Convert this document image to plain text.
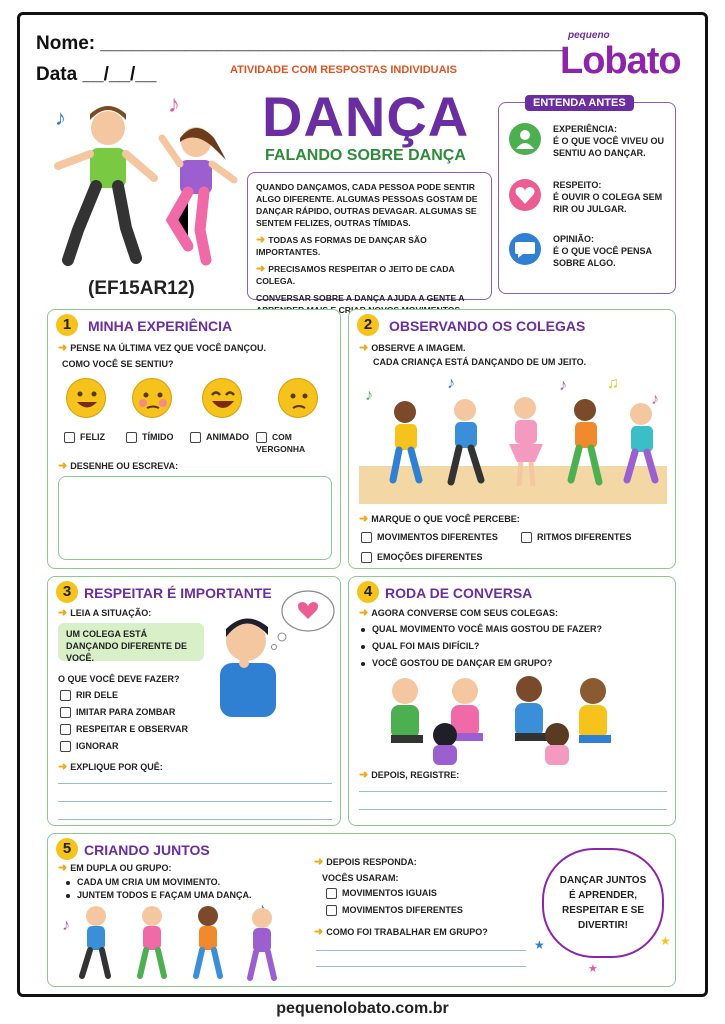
Nome: ____________________________________________
Data __/__/__	ATIVIDADE COM RESPOSTAS INDIVIDUAIS
pequeno
Lobato
DANÇA
FALANDO SOBRE DANÇA
♪	♪
(EF15AR12)
QUANDO DANÇAMOS, CADA PESSOA PODE SENTIR ALGO DIFERENTE. ALGUMAS PESSOAS GOSTAM DE DANÇAR RÁPIDO, OUTRAS DEVAGAR. ALGUMAS SE SENTEM FELIZES, OUTRAS TÍMIDAS.
➜ TODAS AS FORMAS DE DANÇAR SÃO IMPORTANTES.
➜ PRECISAMOS RESPEITAR O JEITO DE CADA COLEGA.
CONVERSAR SOBRE A DANÇA AJUDA A GENTE A
ENTENDA ANTES
EXPERIÊNCIA:
É O QUE VOCÊ VIVEU OU SENTIU AO DANÇAR.
RESPEITO:
É OUVIR O COLEGA SEM RIR OU JULGAR.
OPINIÃO:
É O QUE VOCÊ PENSA SOBRE ALGO.
1	MINHA EXPERIÊNCIA
➜ PENSE NA ÚLTIMA VEZ QUE VOCÊ DANÇOU.
COMO VOCÊ SE SENTIU?
FELIZ	TÍMIDO	ANIMADO	COM VERGONHA
➜ DESENHE OU ESCREVA:
2	OBSERVANDO OS COLEGAS
➜ OBSERVE A IMAGEM.
CADA CRIANÇA ESTÁ DANÇANDO DE UM JEITO.
♪
♪	♪	♫
♪
➜ MARQUE O QUE VOCÊ PERCEBE:
MOVIMENTOS DIFERENTES	RITMOS DIFERENTES
EMOÇÕES DIFERENTES
3 RESPEITAR É IMPORTANTE
➜ LEIA A SITUAÇÃO:
UM COLEGA ESTÁ DANÇANDO DIFERENTE DE VOCÊ.
O QUE VOCÊ DEVE FAZER?
RIR DELE
IMITAR PARA ZOMBAR
RESPEITAR E OBSERVAR
IGNORAR
➜ EXPLIQUE POR QUÊ:
4 RODA DE CONVERSA
➜ AGORA CONVERSE COM SEUS COLEGAS:
QUAL MOVIMENTO VOCÊ MAIS GOSTOU DE FAZER?
QUAL FOI MAIS DIFÍCIL?
VOCÊ GOSTOU DE DANÇAR EM GRUPO?
➜ DEPOIS, REGISTRE:
5 CRIANDO JUNTOS
➜ EM DUPLA OU GRUPO:
CADA UM CRIA UM MOVIMENTO.
JUNTEM TODOS E FAÇAM UMA DANÇA.
♪
➜ DEPOIS RESPONDA:
VOCÊS USARAM:
MOVIMENTOS IGUAIS
MOVIMENTOS DIFERENTES
➜ COMO FOI TRABALHAR EM GRUPO?
DANÇAR JUNTOS É APRENDER, RESPEITAR E SE DIVERTIR!
★	★
★
pequenolobato.com.br
